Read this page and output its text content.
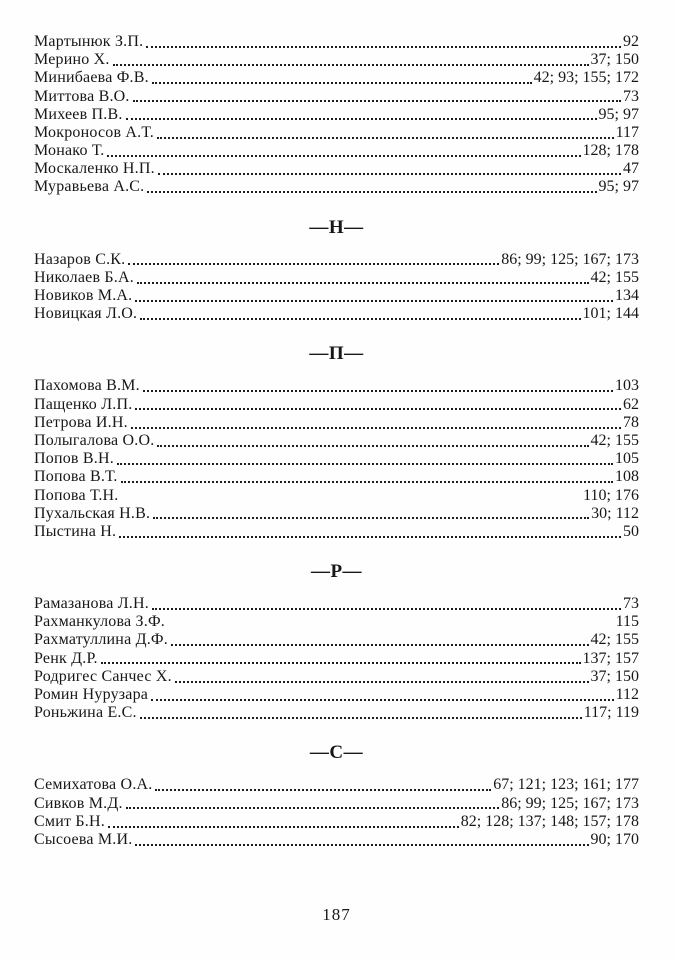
Мартынюк З.П.	92
Мерино Х.	37; 150
Минибаева Ф.В.	42; 93; 155; 172
Миттова В.О.	73
Михеев П.В.	95; 97
Мокроносов А.Т.	117
Монако Т.	128; 178
Москаленко Н.П.	47
Муравьева А.С.	95; 97
—Н—
Назаров С.К.	86; 99; 125; 167; 173
Николаев Б.А.	42; 155
Новиков М.А.	134
Новицкая Л.О.	101; 144
—П—
Пахомова В.М.	103
Пащенко Л.П.	62
Петрова И.Н.	78
Полыгалова О.О.	42; 155
Попов В.Н.	105
Попова В.Т.	108
Попова Т.Н.	110; 176
Пухальская Н.В.	30; 112
Пыстина Н.	50
—Р—
Рамазанова Л.Н.	73
Рахманкулова З.Ф.	115
Рахматуллина Д.Ф.	42; 155
Ренк Д.Р.	137; 157
Родригес Санчес Х.	37; 150
Ромин Нурузара	112
Роньжина Е.С.	117; 119
—С—
Семихатова О.А.	67; 121; 123; 161; 177
Сивков М.Д.	86; 99; 125; 167; 173
Смит Б.Н.	82; 128; 137; 148; 157; 178
Сысоева М.И.	90; 170
187
